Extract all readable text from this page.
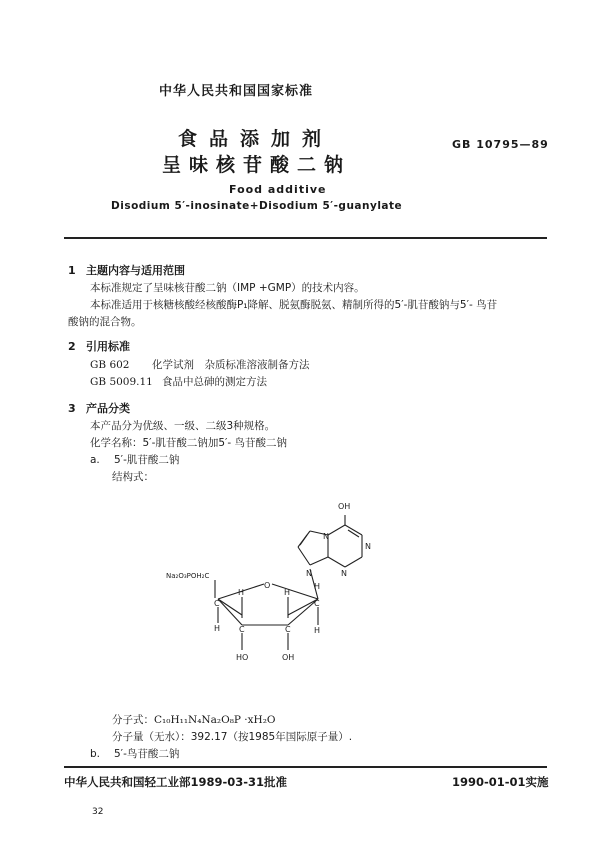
中华人民共和国国家标准
食品添加剂
呈味核苷酸二钠
GB 10795—89
Food additive
Disodium 5′-inosinate+Disodium 5′-guanylate
1 主题内容与适用范围
本标准规定了呈味核苷酸二钠（IMP +GMP）的技术内容。
本标准适用于核糖核酸经核酸酶P₁降解、脱氨酶脱氨、精制所得的5′-肌苷酸钠与5′- 鸟苷
酸钠的混合物。
2 引用标准
GB 602 化学试剂　杂质标准溶液制备方法
GB 5009.11 食品中总砷的测定方法
3 产品分类
本产品分为优级、一级、二级3种规格。
化学名称：5′-肌苷酸二钠加5′- 鸟苷酸二钠
a. 5′-肌苷酸二钠
结构式：
OH
N
N
N
N
Na₂O₃POH₂C
O
C
C	C
C
H
H	H
H
H
HO	OH
分子式：C₁₀H₁₁N₄Na₂O₈P ·xH₂O
分子量（无水）：392.17（按1985年国际原子量）.
b. 5′-鸟苷酸二钠
中华人民共和国轻工业部1989-03-31批准	1990-01-01实施
32
